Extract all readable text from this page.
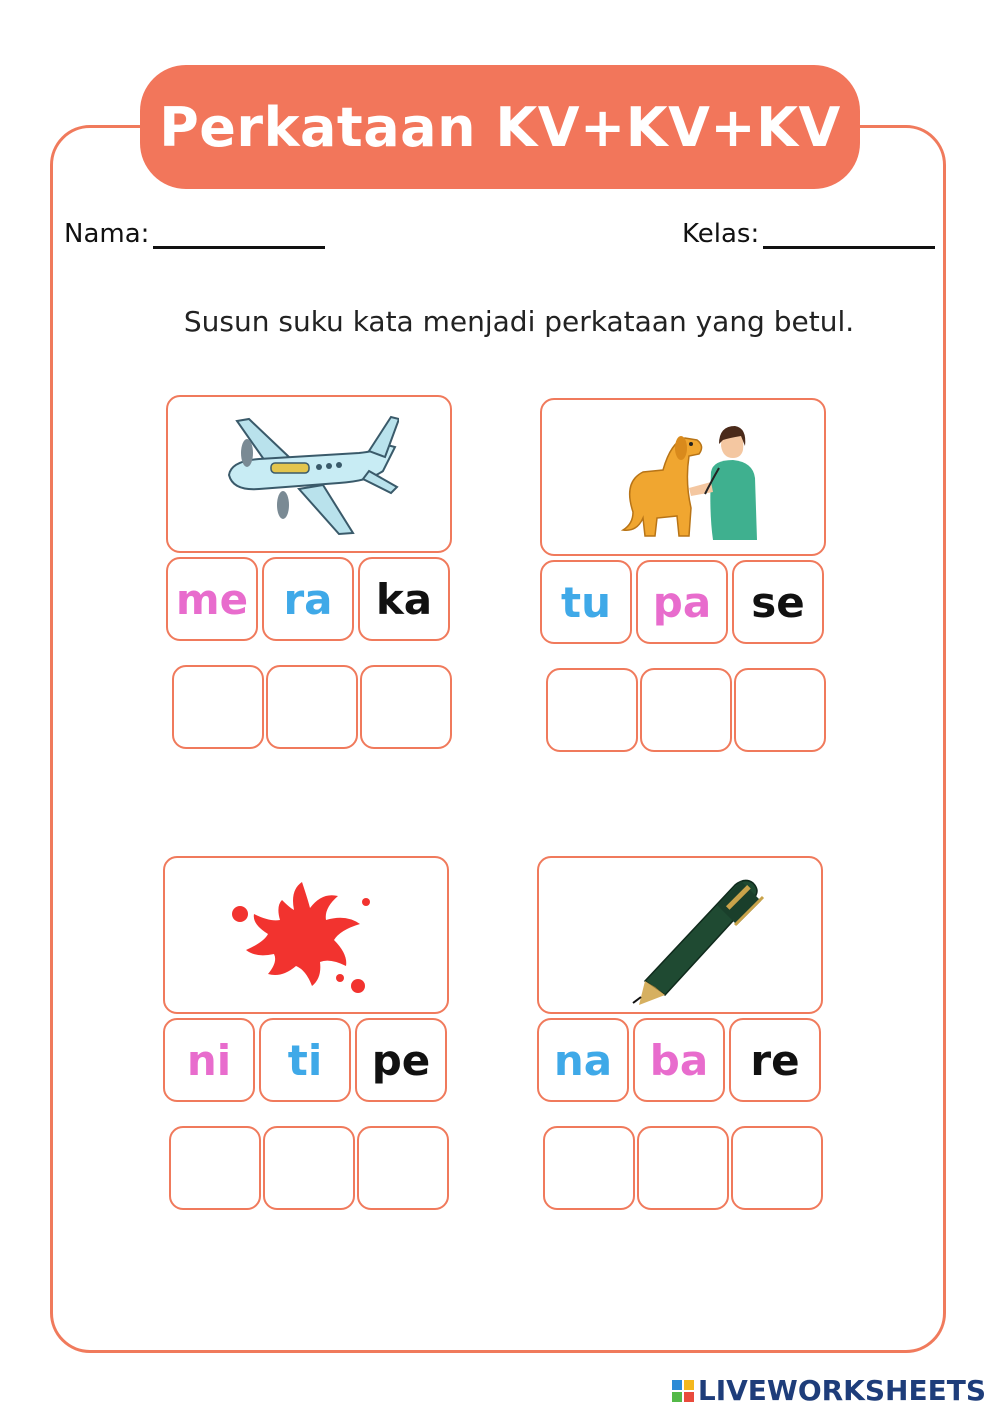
Perkataan KV+KV+KV
Nama:	Kelas:
Susun suku kata menjadi perkataan yang betul.
me ra ka	tu pa se
ni ti pe	na ba re
LIVEWORKSHEETS
